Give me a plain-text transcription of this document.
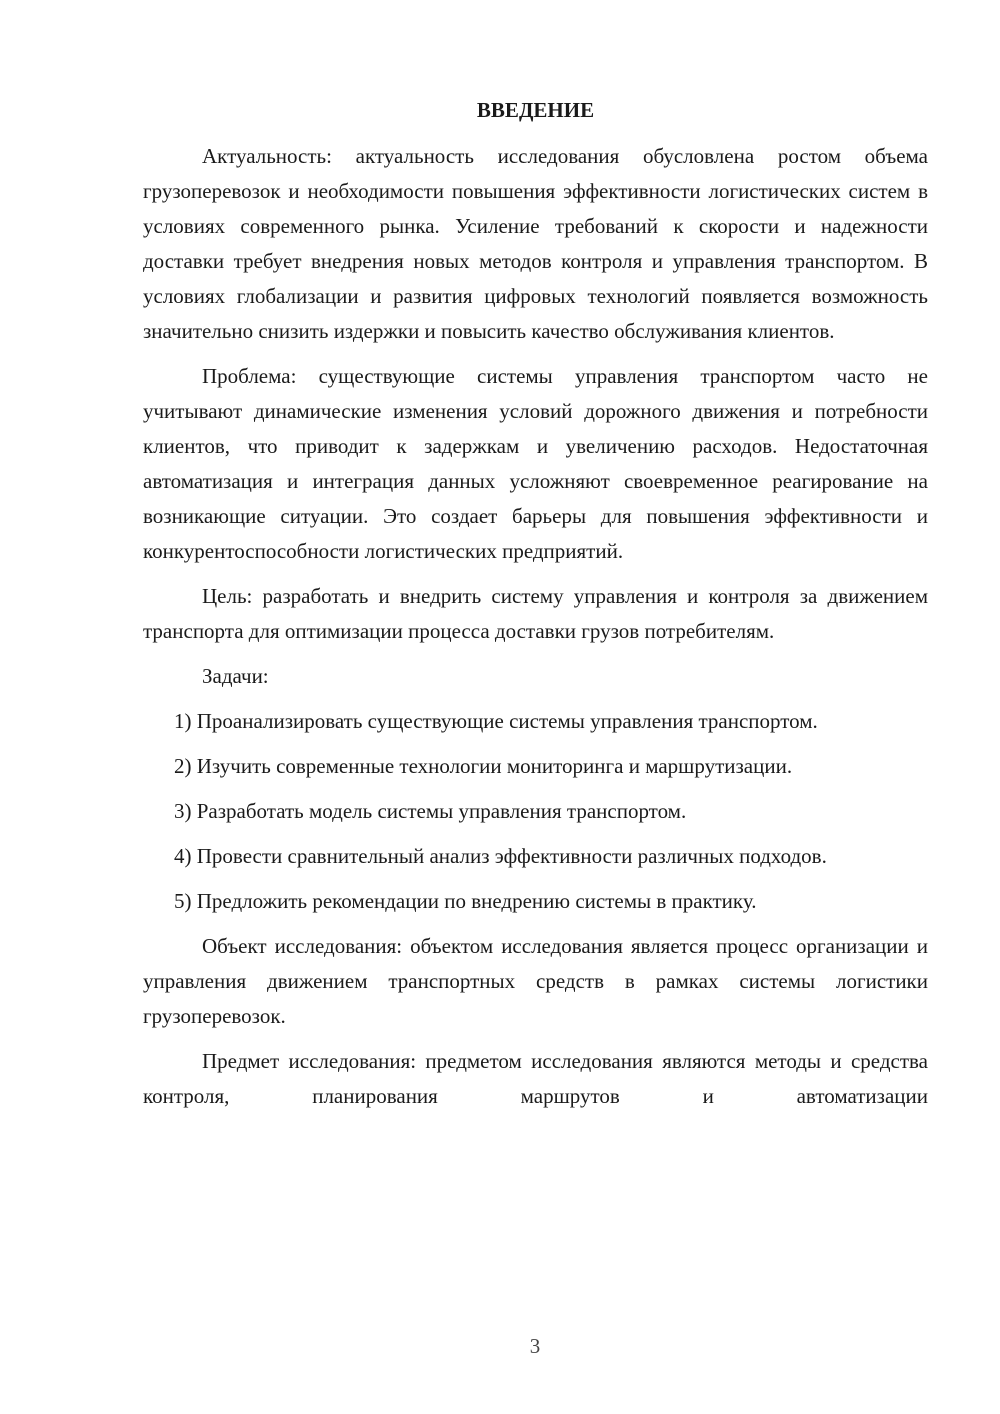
ВВЕДЕНИЕ

Актуальность: актуальность исследования обусловлена ростом объема грузоперевозок и необходимости повышения эффективности логистических систем в условиях современного рынка. Усиление требований к скорости и надежности доставки требует внедрения новых методов контроля и управления транспортом. В условиях глобализации и развития цифровых технологий появляется возможность значительно снизить издержки и повысить качество обслуживания клиентов.

Проблема: существующие системы управления транспортом часто не учитывают динамические изменения условий дорожного движения и потребности клиентов, что приводит к задержкам и увеличению расходов. Недостаточная автоматизация и интеграция данных усложняют своевременное реагирование на возникающие ситуации. Это создает барьеры для повышения эффективности и конкурентоспособности логистических предприятий.

Цель: разработать и внедрить систему управления и контроля за движением транспорта для оптимизации процесса доставки грузов потребителям.

Задачи:

1) Проанализировать существующие системы управления транспортом.

2) Изучить современные технологии мониторинга и маршрутизации.

3) Разработать модель системы управления транспортом.

4) Провести сравнительный анализ эффективности различных подходов.

5) Предложить рекомендации по внедрению системы в практику.

Объект исследования: объектом исследования является процесс организации и управления движением транспортных средств в рамках системы логистики грузоперевозок.

Предмет исследования: предметом исследования являются методы и средства контроля, планирования маршрутов и автоматизации

3
